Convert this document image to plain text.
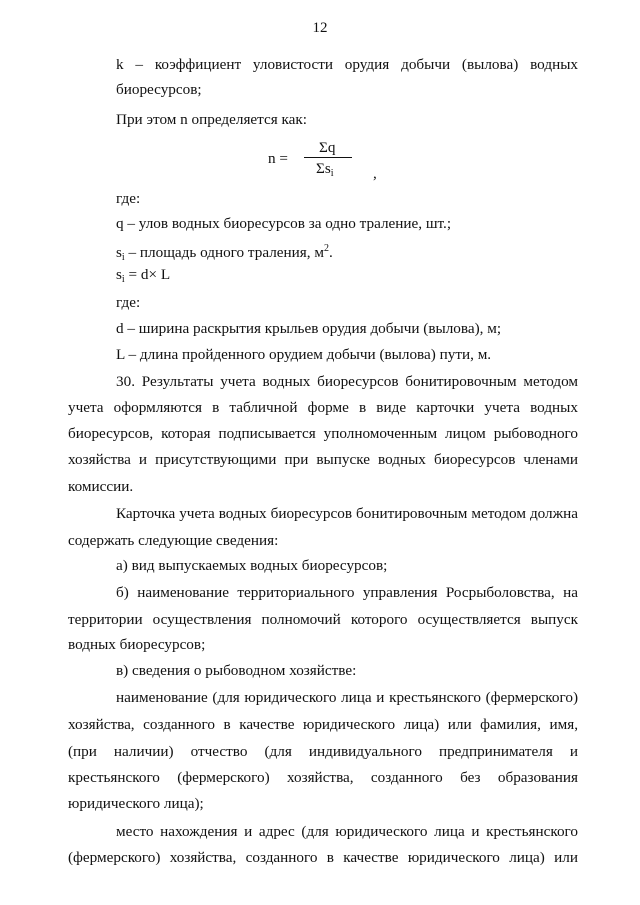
12
k – коэффициент уловистости орудия добычи (вылова) водных
биоресурсов;
При этом n определяется как:
n =
Σq
$\Sigma s_i$	,
где:
q – улов водных биоресурсов за одно траление, шт.;
$s_i$ – площадь одного траления, $м^2$.
$s_i = d\times L$
где:
d – ширина раскрытия крыльев орудия добычи (вылова), м;
L – длина пройденного орудием добычи (вылова) пути, м.
30. Результаты учета водных биоресурсов бонитировочным методом
учета оформляются в табличной форме в виде карточки учета водных
биоресурсов, которая подписывается уполномоченным лицом рыбоводного
хозяйства и присутствующими при выпуске водных биоресурсов членами
комиссии.
Карточка учета водных биоресурсов бонитировочным методом должна
содержать следующие сведения:
а) вид выпускаемых водных биоресурсов;
б) наименование территориального управления Росрыболовства, на
территории осуществления полномочий которого осуществляется выпуск
водных биоресурсов;
в) сведения о рыбоводном хозяйстве:
наименование (для юридического лица и крестьянского (фермерского)
хозяйства, созданного в качестве юридического лица) или фамилия, имя,
(при наличии) отчество (для индивидуального предпринимателя и
крестьянского (фермерского) хозяйства, созданного без образования
юридического лица);
место нахождения и адрес (для юридического лица и крестьянского
(фермерского) хозяйства, созданного в качестве юридического лица) или
